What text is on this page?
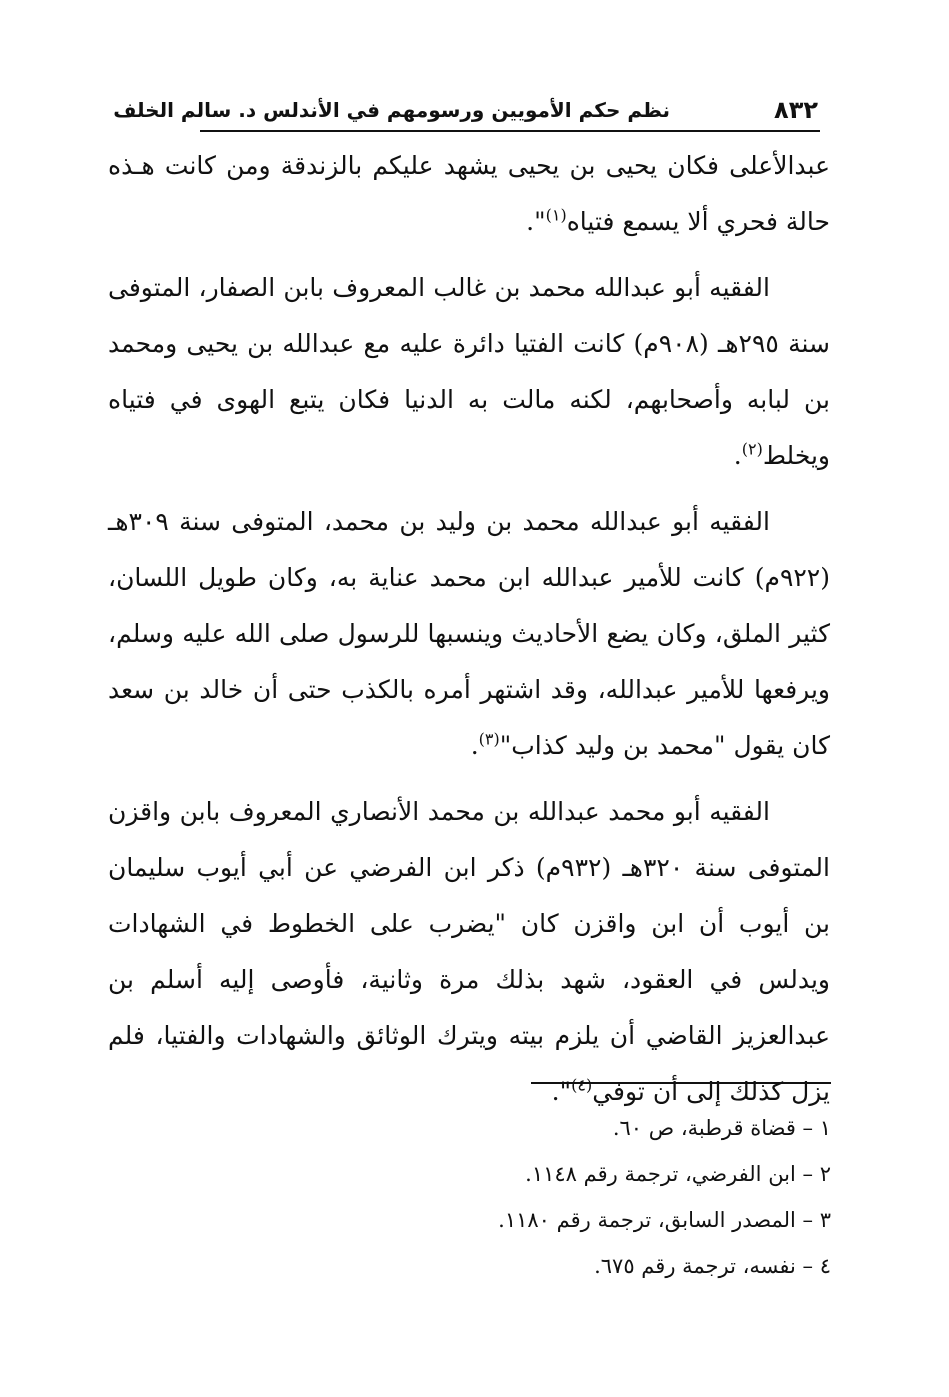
٨٣٢
نظم حكم الأمويين ورسومهم في الأندلس د. سالم الخلف

عبدالأعلى فكان يحيى بن يحيى يشهد عليكم بالزندقة ومن كانت هـذه حالة فحري ألا يسمع فتياه$^{(١)}$".

الفقيه أبو عبدالله محمد بن غالب المعروف بابن الصفار، المتوفى سنة ٢٩٥هـ (٩٠٨م) كانت الفتيا دائرة عليه مع عبدالله بن يحيى ومحمد بن لبابه وأصحابهم، لكنه مالت به الدنيا فكان يتبع الهوى في فتياه ويخلط$^{(٢)}$.

الفقيه أبو عبدالله محمد بن وليد بن محمد، المتوفى سنة ٣٠٩هـ (٩٢٢م) كانت للأمير عبدالله ابن محمد عناية به، وكان طويل اللسان، كثير الملق، وكان يضع الأحاديث وينسبها للرسول صلى الله عليه وسلم، ويرفعها للأمير عبدالله، وقد اشتهر أمره بالكذب حتى أن خالد بن سعد كان يقول "محمد بن وليد كذاب"$^{(٣)}$.

الفقيه أبو محمد عبدالله بن محمد الأنصاري المعروف بابن واقزن المتوفى سنة ٣٢٠هـ (٩٣٢م) ذكر ابن الفرضي عن أبي أيوب سليمان بن أيوب أن ابن واقزن كان "يضرب على الخطوط في الشهادات ويدلس في العقود، شهد بذلك مرة وثانية، فأوصى إليه أسلم بن عبدالعزيز القاضي أن يلزم بيته ويترك الوثائق والشهادات والفتيا، فلم يزل كذلك إلى أن توفي$^{(٤)}$".

١ – قضاة قرطبة، ص ٦٠.

٢ – ابن الفرضي، ترجمة رقم ١١٤٨.

٣ – المصدر السابق، ترجمة رقم ١١٨٠.

٤ – نفسه، ترجمة رقم ٦٧٥.
